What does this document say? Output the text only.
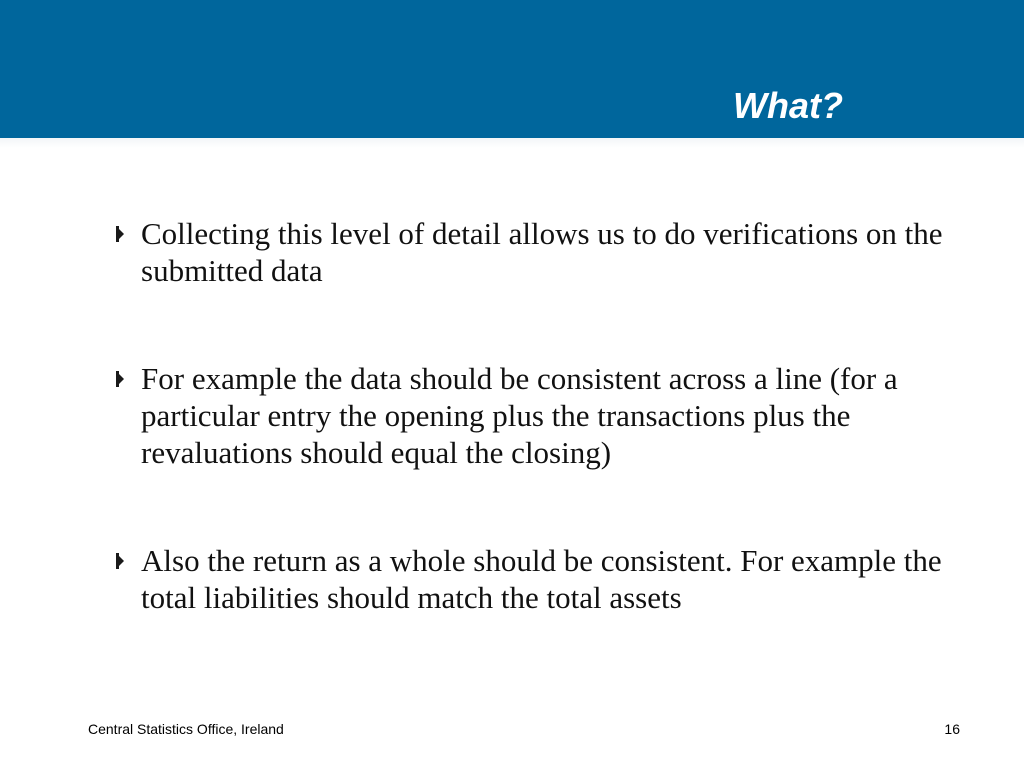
What?

Collecting this level of detail allows us to do verifications on the submitted data

For example the data should be consistent across a line (for a particular entry the opening plus the transactions plus the revaluations should equal the closing)

Also the return as a whole should be consistent. For example the total liabilities should match the total assets

Central Statistics Office, Ireland	16
